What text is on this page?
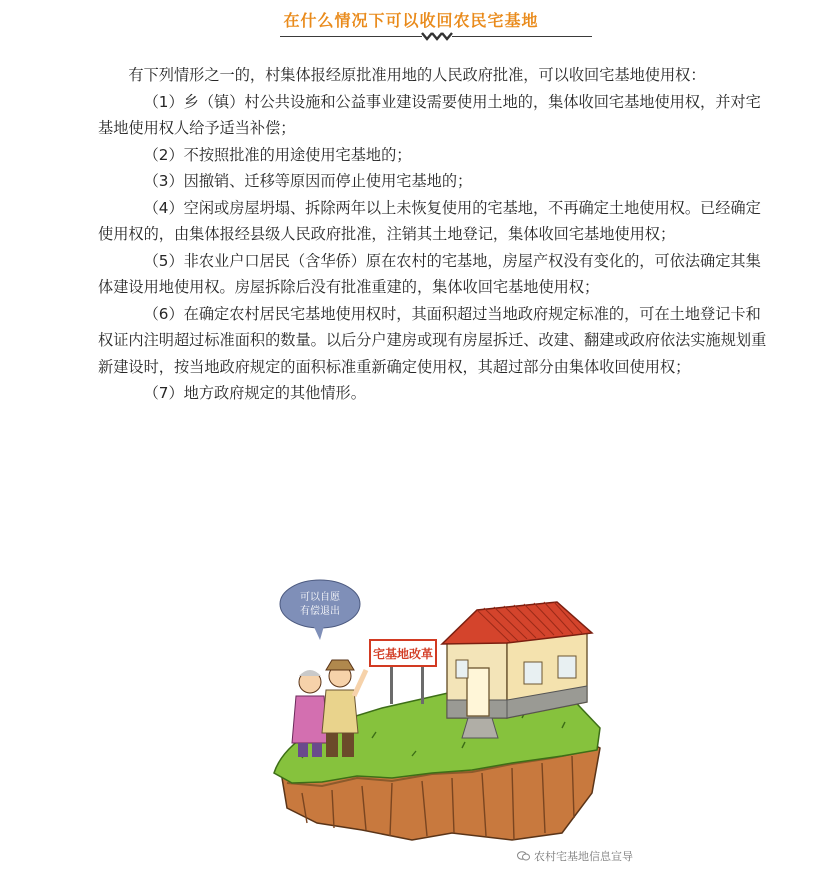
在什么情况下可以收回农民宅基地

有下列情形之一的，村集体报经原批准用地的人民政府批准，可以收回宅基地使用权：

（1）乡（镇）村公共设施和公益事业建设需要使用土地的，集体收回宅基地使用权，并对宅基地使用权人给予适当补偿；

（2）不按照批准的用途使用宅基地的；

（3）因撤销、迁移等原因而停止使用宅基地的；

（4）空闲或房屋坍塌、拆除两年以上未恢复使用的宅基地，不再确定土地使用权。已经确定使用权的，由集体报经县级人民政府批准，注销其土地登记，集体收回宅基地使用权；

（5）非农业户口居民（含华侨）原在农村的宅基地，房屋产权没有变化的，可依法确定其集体建设用地使用权。房屋拆除后没有批准重建的，集体收回宅基地使用权；

（6）在确定农村居民宅基地使用权时，其面积超过当地政府规定标准的，可在土地登记卡和权证内注明超过标准面积的数量。以后分户建房或现有房屋拆迁、改建、翻建或政府依法实施规划重新建设时，按当地政府规定的面积标准重新确定使用权，其超过部分由集体收回使用权；

（7）地方政府规定的其他情形。

宅基地改革
可以自愿
有偿退出
农村宅基地信息宣导
